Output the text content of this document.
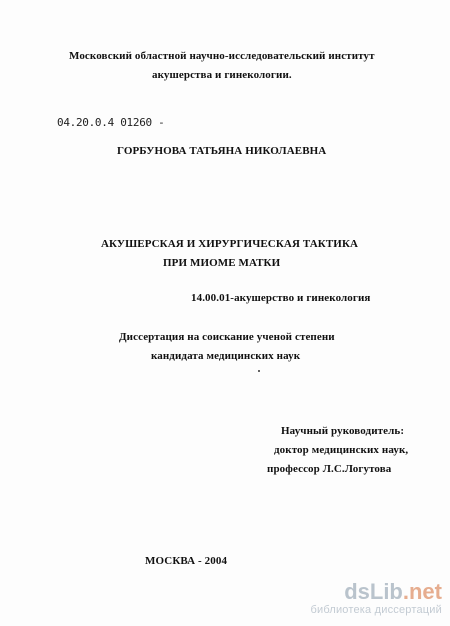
Московский областной научно-исследовательский институт
акушерства и гинекологии.
04.20.0.4 01260 -
ГОРБУНОВА ТАТЬЯНА НИКОЛАЕВНА
АКУШЕРСКАЯ И ХИРУРГИЧЕСКАЯ ТАКТИКА
ПРИ МИОМЕ МАТКИ
14.00.01-акушерство и гинекология
Диссертация на соискание ученой степени
кандидата медицинских наук
Научный руководитель:
доктор медицинских наук,
профессор Л.С.Логутова
МОСКВА - 2004
dsLib.net
библиотека диссертаций
